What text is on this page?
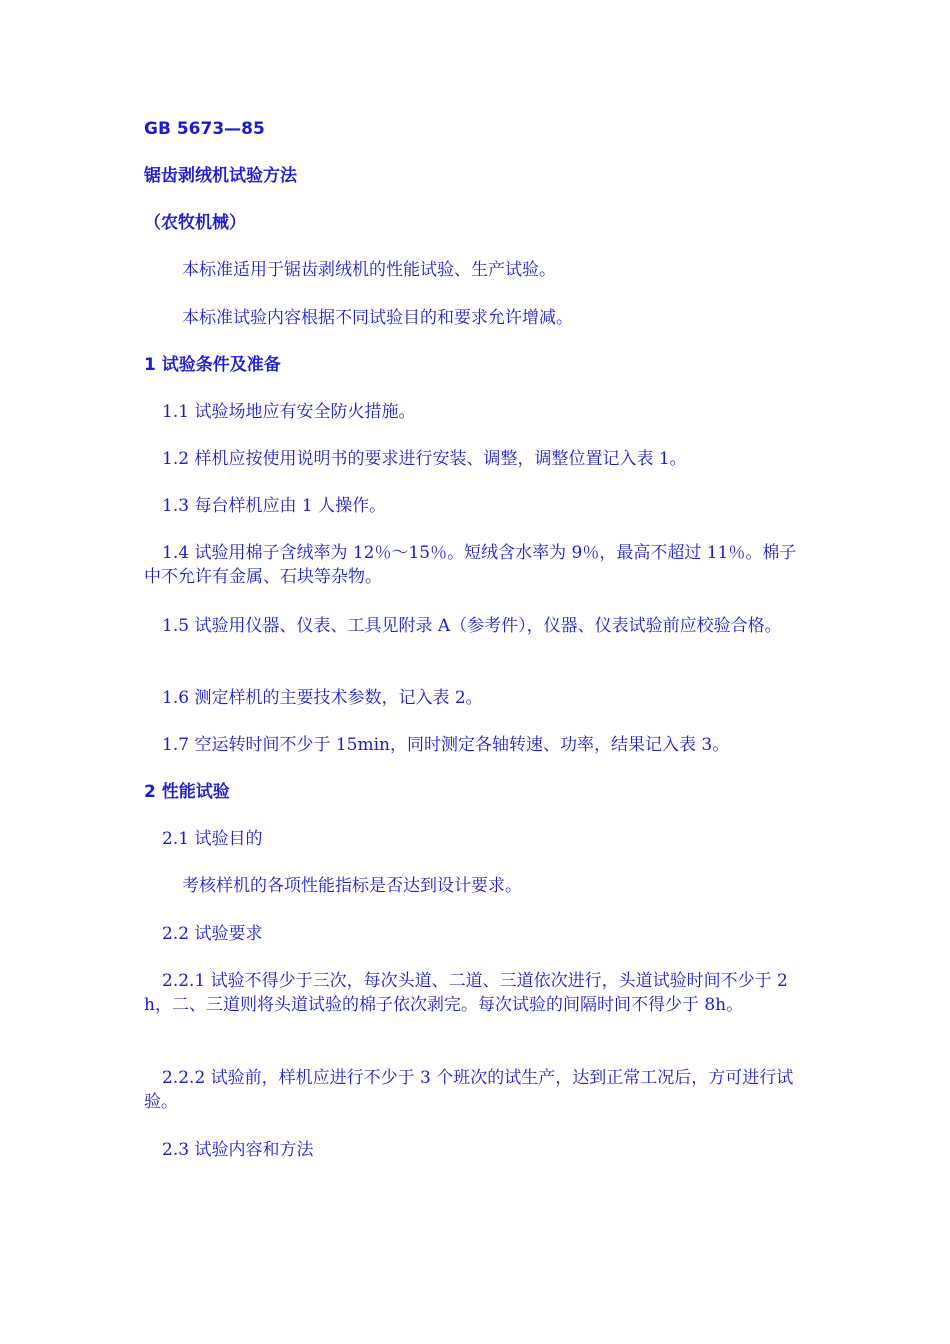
GB 5673—85
锯齿剥绒机试验方法
（农牧机械）
本标准适用于锯齿剥绒机的性能试验、生产试验。
本标准试验内容根据不同试验目的和要求允许增减。
1 试验条件及准备
1.1 试验场地应有安全防火措施。
1.2 样机应按使用说明书的要求进行安装、调整，调整位置记入表 1。
1.3 每台样机应由 1 人操作。
1.4 试验用棉子含绒率为 12％～15％。短绒含水率为 9％，最高不超过 11％。棉子中不允许有金属、石块等杂物。
1.5 试验用仪器、仪表、工具见附录 A（参考件），仪器、仪表试验前应校验合格。
1.6 测定样机的主要技术参数，记入表 2。
1.7 空运转时间不少于 15min，同时测定各轴转速、功率，结果记入表 3。
2 性能试验
2.1 试验目的
考核样机的各项性能指标是否达到设计要求。
2.2 试验要求
2.2.1 试验不得少于三次，每次头道、二道、三道依次进行，头道试验时间不少于 2h，二、三道则将头道试验的棉子依次剥完。每次试验的间隔时间不得少于 8h。
2.2.2 试验前，样机应进行不少于 3 个班次的试生产，达到正常工况后，方可进行试验。
2.3 试验内容和方法
